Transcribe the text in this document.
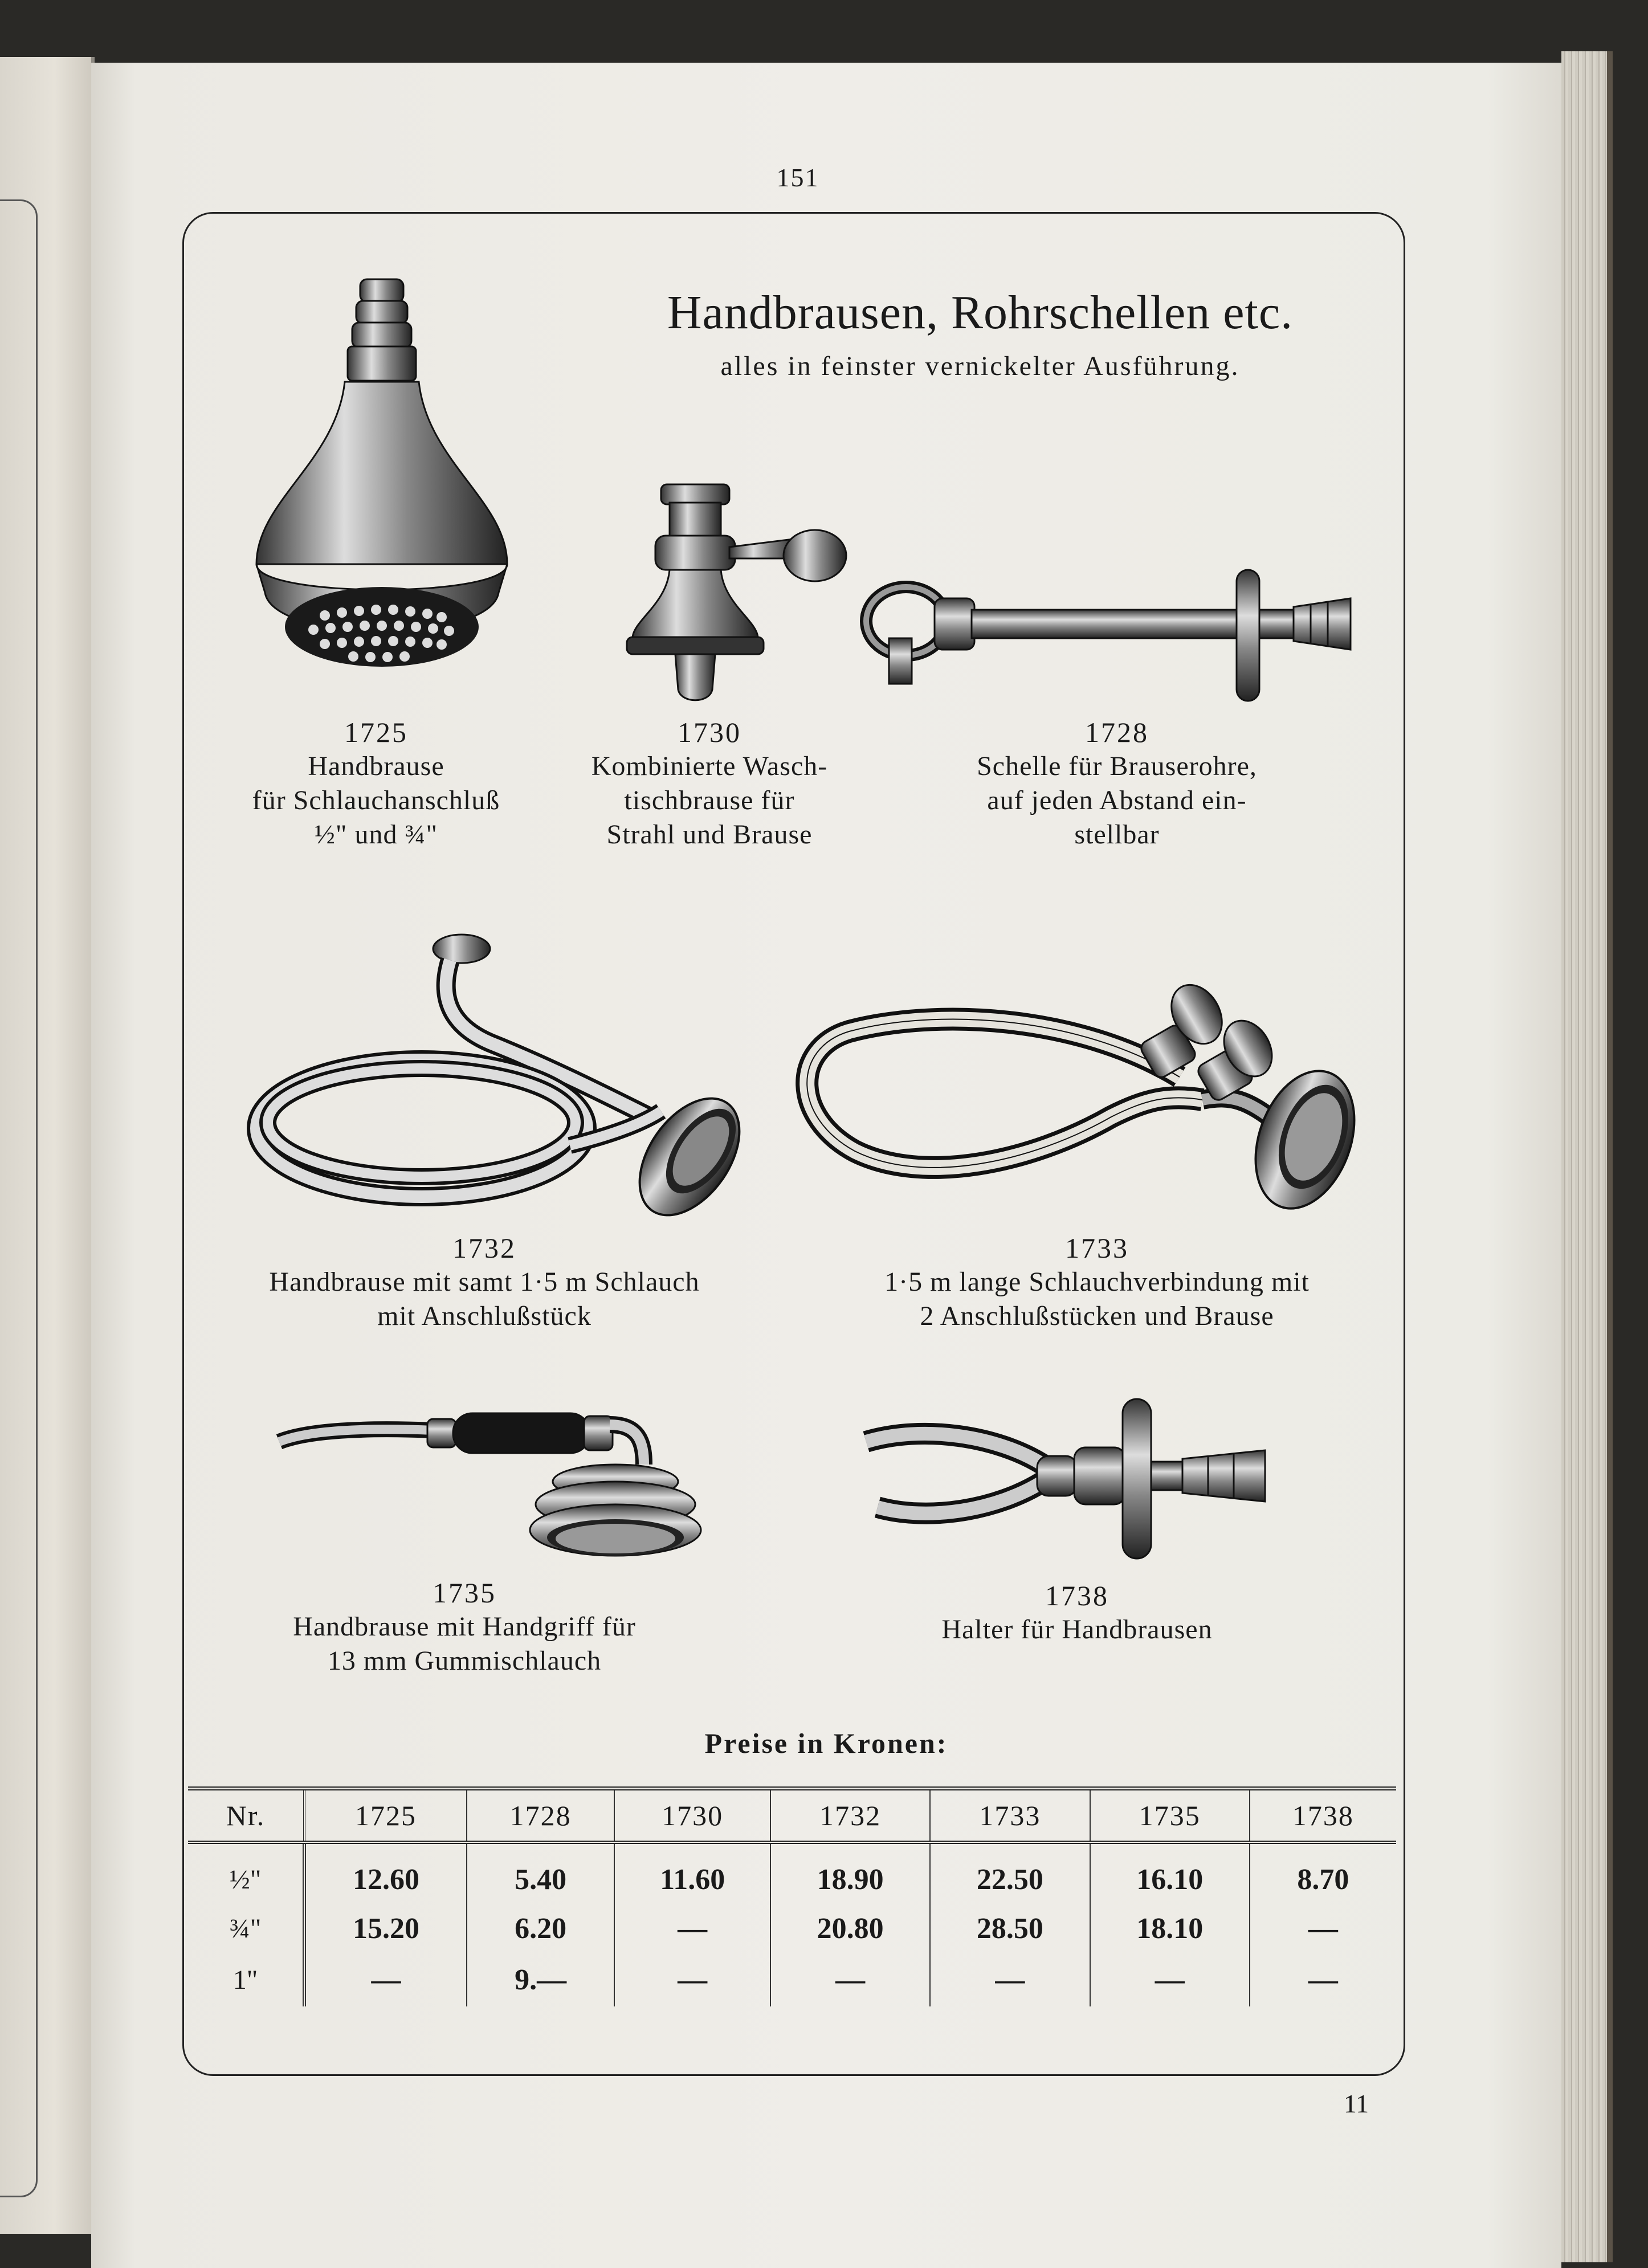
151
Handbrausen, Rohrschellen etc.
alles in feinster vernickelter Ausführung.
1725
Handbrause
für Schlauchanschluß
½" und ¾"
1730
Kombinierte Wasch-
tischbrause für
Strahl und Brause
1728
Schelle für Brauserohre,
auf jeden Abstand ein-
stellbar
1732
Handbrause mit samt 1·5 m Schlauch
mit Anschlußstück
1733
1·5 m lange Schlauchverbindung mit
2 Anschlußstücken und Brause
1735
Handbrause mit Handgriff für
13 mm Gummischlauch
1738
Halter für Handbrausen
Preise in Kronen:
Nr.	1725	1728	1730	1732	1733	1735	1738
½"	12.60	5.40	11.60	18.90	22.50	16.10	8.70
¾"	15.20	6.20	—	20.80	28.50	18.10	—
1"	—	9.—	—	—	—	—	—
11
